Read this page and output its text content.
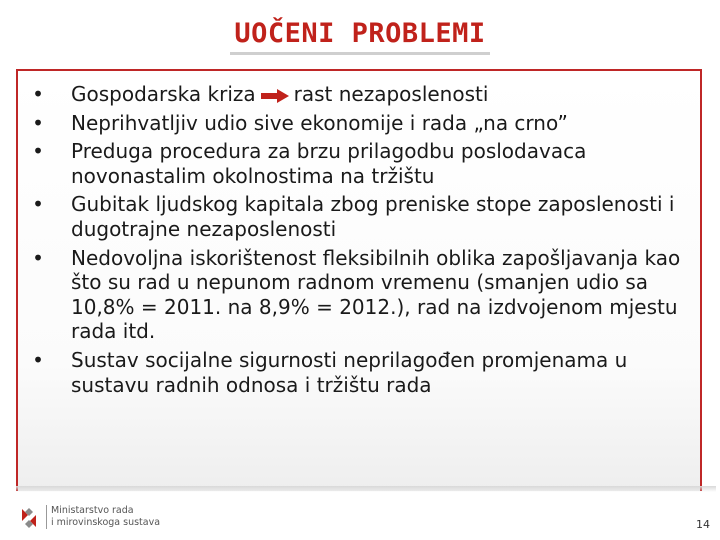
UOČENI PROBLEMI
• Gospodarska kriza rast nezaposlenosti
• Neprihvatljiv udio sive ekonomije i rada „na crno”
• Preduga procedura za brzu prilagodbu poslodavaca novonastalim okolnostima na tržištu
• Gubitak ljudskog kapitala zbog preniske stope zaposlenosti i dugotrajne nezaposlenosti
• Nedovoljna iskorištenost fleksibilnih oblika zapošljavanja kao što su rad u nepunom radnom vremenu (smanjen udio sa 10,8% = 2011. na 8,9% = 2012.), rad na izdvojenom mjestu rada itd.
• Sustav socijalne sigurnosti neprilagođen promjenama u sustavu radnih odnosa i tržištu rada
Ministarstvo rada
i mirovinskoga sustava	14
